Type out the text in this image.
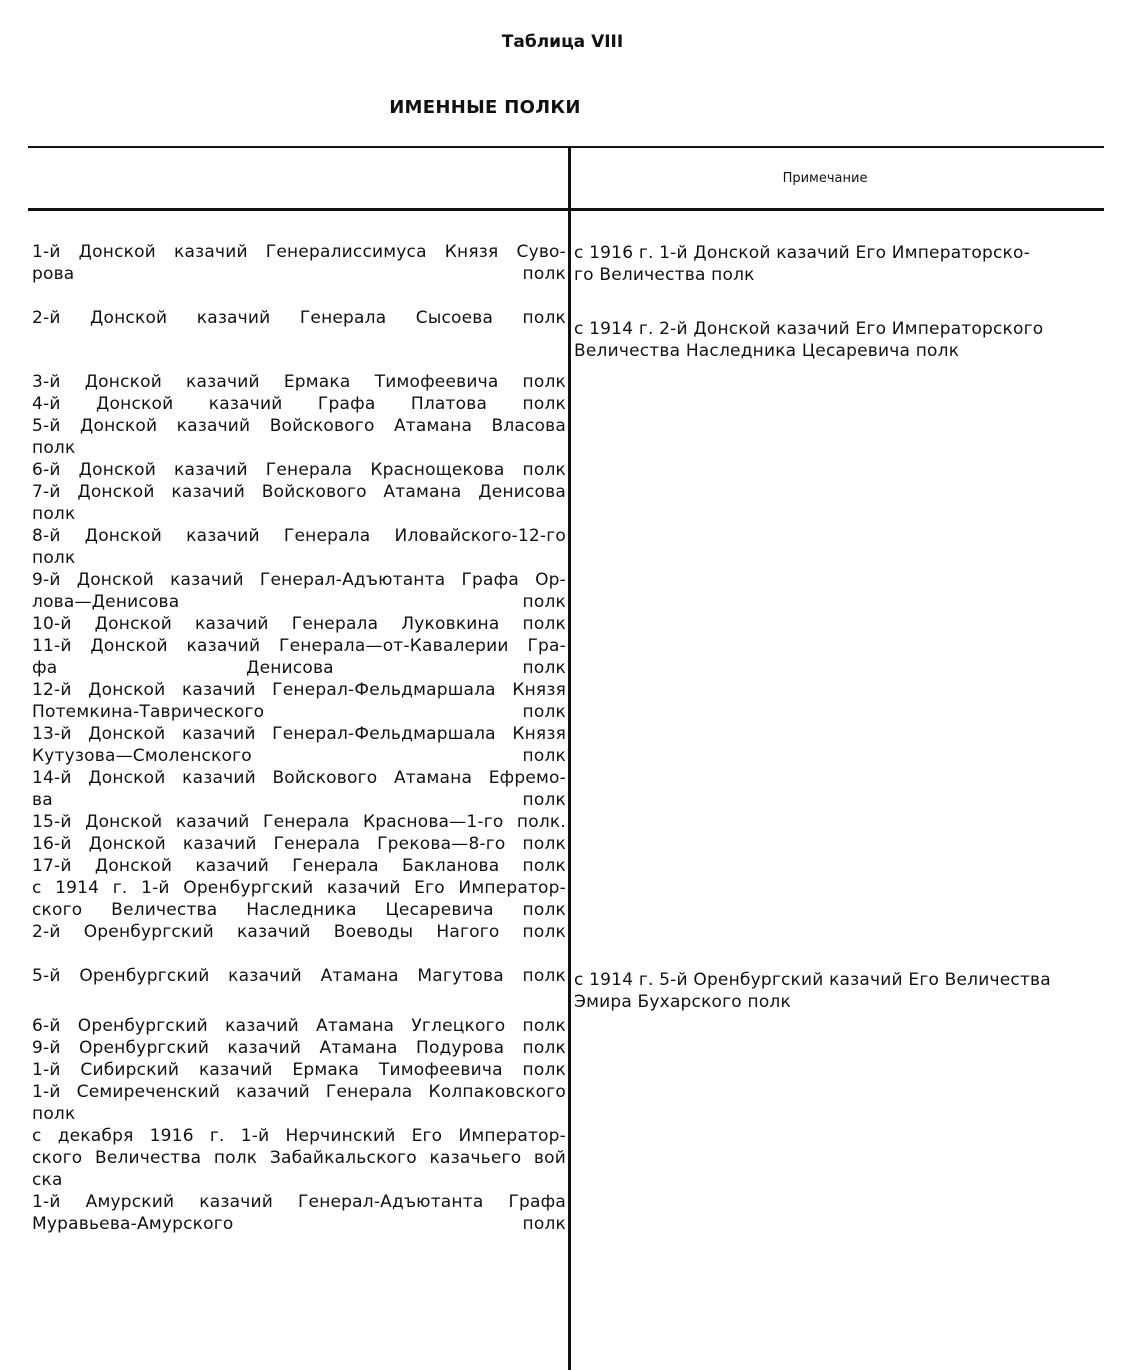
Таблица VIII
ИМЕННЫЕ ПОЛКИ
Примечание
1-й Донской казачий Генералиссимуса Князя Суво-
рова полк
с 1916 г. 1-й Донской казачий Его Императорско-
го Величества полк
2-й Донской казачий Генерала Сысоева полк
с 1914 г. 2-й Донской казачий Его Императорского
Величества Наследника Цесаревича полк
3-й Донской казачий Ермака Тимофеевича полк
4-й Донской казачий Графа Платова полк
5-й Донской казачий Войскового Атамана Власова
полк
6-й Донской казачий Генерала Краснощекова полк
7-й Донской казачий Войскового Атамана Денисова
полк
8-й Донской казачий Генерала Иловайского-12-го
полк
9-й Донской казачий Генерал-Адъютанта Графа Ор-
лова—Денисова полк
10-й Донской казачий Генерала Луковкина полк
11-й Донской казачий Генерала—от-Кавалерии Гра-
фа Денисова полк
12-й Донской казачий Генерал-Фельдмаршала Князя
Потемкина-Таврического полк
13-й Донской казачий Генерал-Фельдмаршала Князя
Кутузова—Смоленского полк
14-й Донской казачий Войскового Атамана Ефремо-
ва полк
15-й Донской казачий Генерала Краснова—1-го полк.
16-й Донской казачий Генерала Грекова—8-го полк
17-й Донской казачий Генерала Бакланова полк
с 1914 г. 1-й Оренбургский казачий Его Император-
ского Величества Наследника Цесаревича полк
2-й Оренбургский казачий Воеводы Нагого полк
5-й Оренбургский казачий Атамана Магутова полк с 1914 г. 5-й Оренбургский казачий Его Величества
Эмира Бухарского полк
6-й Оренбургский казачий Атамана Углецкого полк
9-й Оренбургский казачий Атамана Подурова полк
1-й Сибирский казачий Ермака Тимофеевича полк
1-й Семиреченский казачий Генерала Колпаковского
полк
с декабря 1916 г. 1-й Нерчинский Его Император-
ского Величества полк Забайкальского казачьего вой
ска
1-й Амурский казачий Генерал-Адъютанта Графа
Муравьева-Амурского полк
